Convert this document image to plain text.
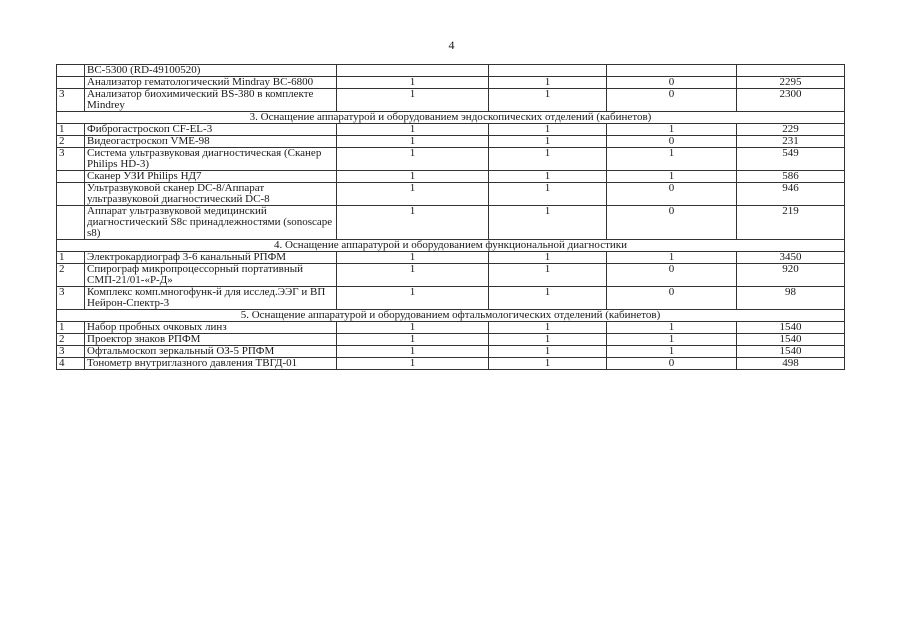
4
	ВС-5300 (RD-49100520)				
	Анализатор гематологический Mindray ВС-6800	1	1	0	2295
3	Анализатор биохимический BS-380 в комплекте Mindrey	1	1	0	2300
3. Оснащение аппаратурой и оборудованием эндоскопических отделений (кабинетов)					
1	Фиброгастроскоп CF-EL-3	1	1	1	229
2	Видеогастроскоп VME-98	1	1	0	231
3	Система ультразвуковая диагностическая (Сканер Philips HD-3)	1	1	1	549
	Сканер УЗИ Philips НД7	1	1	1	586
	Ультразвуковой сканер DC-8/Аппарат ультразвуковой диагностический DC-8	1	1	0	946
	Аппарат ультразвуковой медицинский диагностический S8c принадлежностями (sonoscape s8)	1	1	0	219
4. Оснащение аппаратурой и оборудованием функциональной диагностики					
1	Электрокардиограф 3-6 канальный РПФМ	1	1	1	3450
2	Спирограф микропроцессорный портативный СМП-21/01-«Р-Д»	1	1	0	920
3	Комплекс комп.многофунк-й для исслед.ЭЭГ и ВП Нейрон-Спектр-3	1	1	0	98
5. Оснащение аппаратурой и оборудованием офтальмологических отделений (кабинетов)					
1	Набор пробных очковых линз	1	1	1	1540
2	Проектор знаков РПФМ	1	1	1	1540
3	Офтальмоскоп зеркальный ОЗ-5 РПФМ	1	1	1	1540
4	Тонометр внутриглазного давления ТВГД-01	1	1	0	498
